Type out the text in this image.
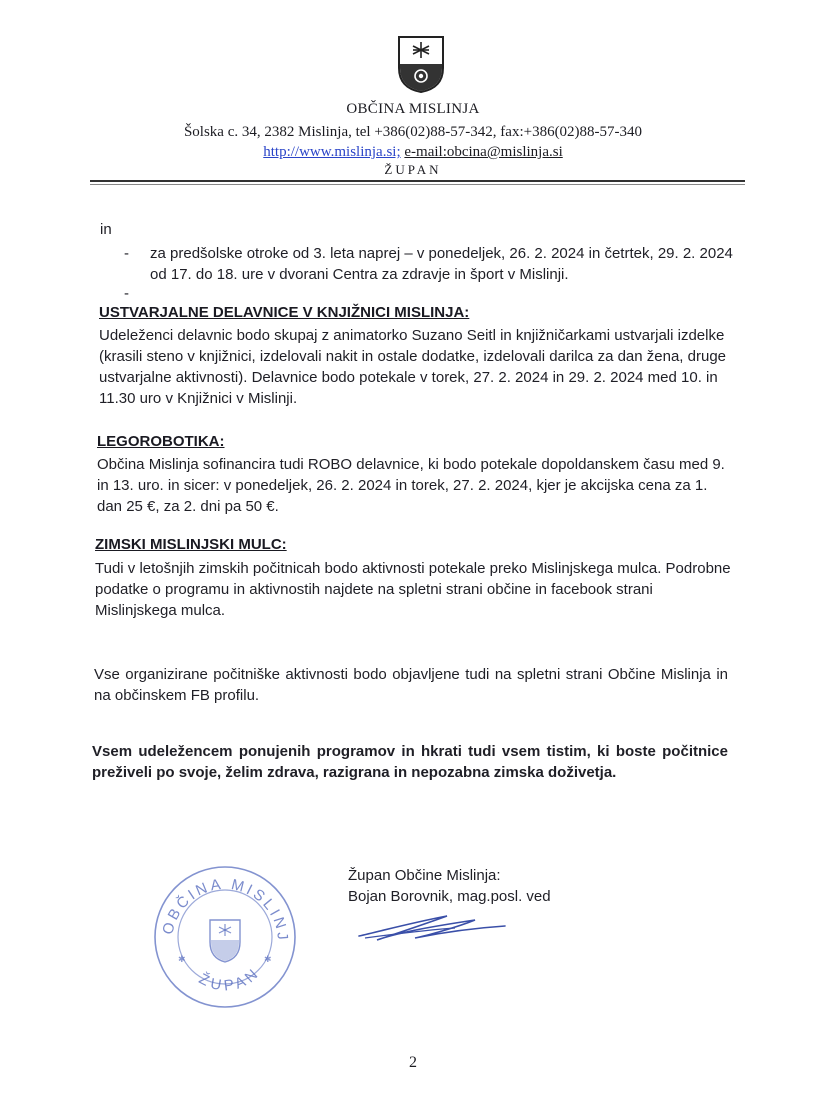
OBČINA MISLINJA
Šolska c. 34, 2382 Mislinja, tel +386(02)88-57-342, fax:+386(02)88-57-340
http://www.mislinja.si; e-mail:obcina@mislinja.si
ŽUPAN
in
- za predšolske otroke od 3. leta naprej – v ponedeljek, 26. 2. 2024 in četrtek, 29. 2. 2024 od 17. do 18. ure v dvorani Centra za zdravje in šport v Mislinji.
-
USTVARJALNE DELAVNICE V KNJIŽNICI MISLINJA:
Udeleženci delavnic bodo skupaj z animatorko Suzano Seitl in knjižničarkami ustvarjali izdelke (krasili steno v knjižnici, izdelovali nakit in ostale dodatke, izdelovali darilca za dan žena, druge ustvarjalne aktivnosti). Delavnice bodo potekale v torek, 27. 2. 2024 in 29. 2. 2024 med 10. in 11.30 uro v Knjižnici v Mislinji.
LEGOROBOTIKA:
Občina Mislinja sofinancira tudi ROBO delavnice, ki bodo potekale dopoldanskem času med 9. in 13. uro. in sicer: v ponedeljek, 26. 2. 2024 in torek, 27. 2. 2024, kjer je akcijska cena za 1. dan 25 €, za 2. dni pa 50 €.
ZIMSKI MISLINJSKI MULC:
Tudi v letošnjih zimskih počitnicah bodo aktivnosti potekale preko Mislinjskega mulca. Podrobne podatke o programu in aktivnostih najdete na spletni strani občine in facebook strani Mislinjskega mulca.
Vse organizirane počitniške aktivnosti bodo objavljene tudi na spletni strani Občine Mislinja in na občinskem FB profilu.
Vsem udeležencem ponujenih programov in hkrati tudi vsem tistim, ki boste počitnice preživeli po svoje, želim zdrava, razigrana in nepozabna zimska doživetja.
Župan Občine Mislinja:
Bojan Borovnik, mag.posl. ved
OBČINA MISLINJ
ŽUPAN
✱	✱
2
